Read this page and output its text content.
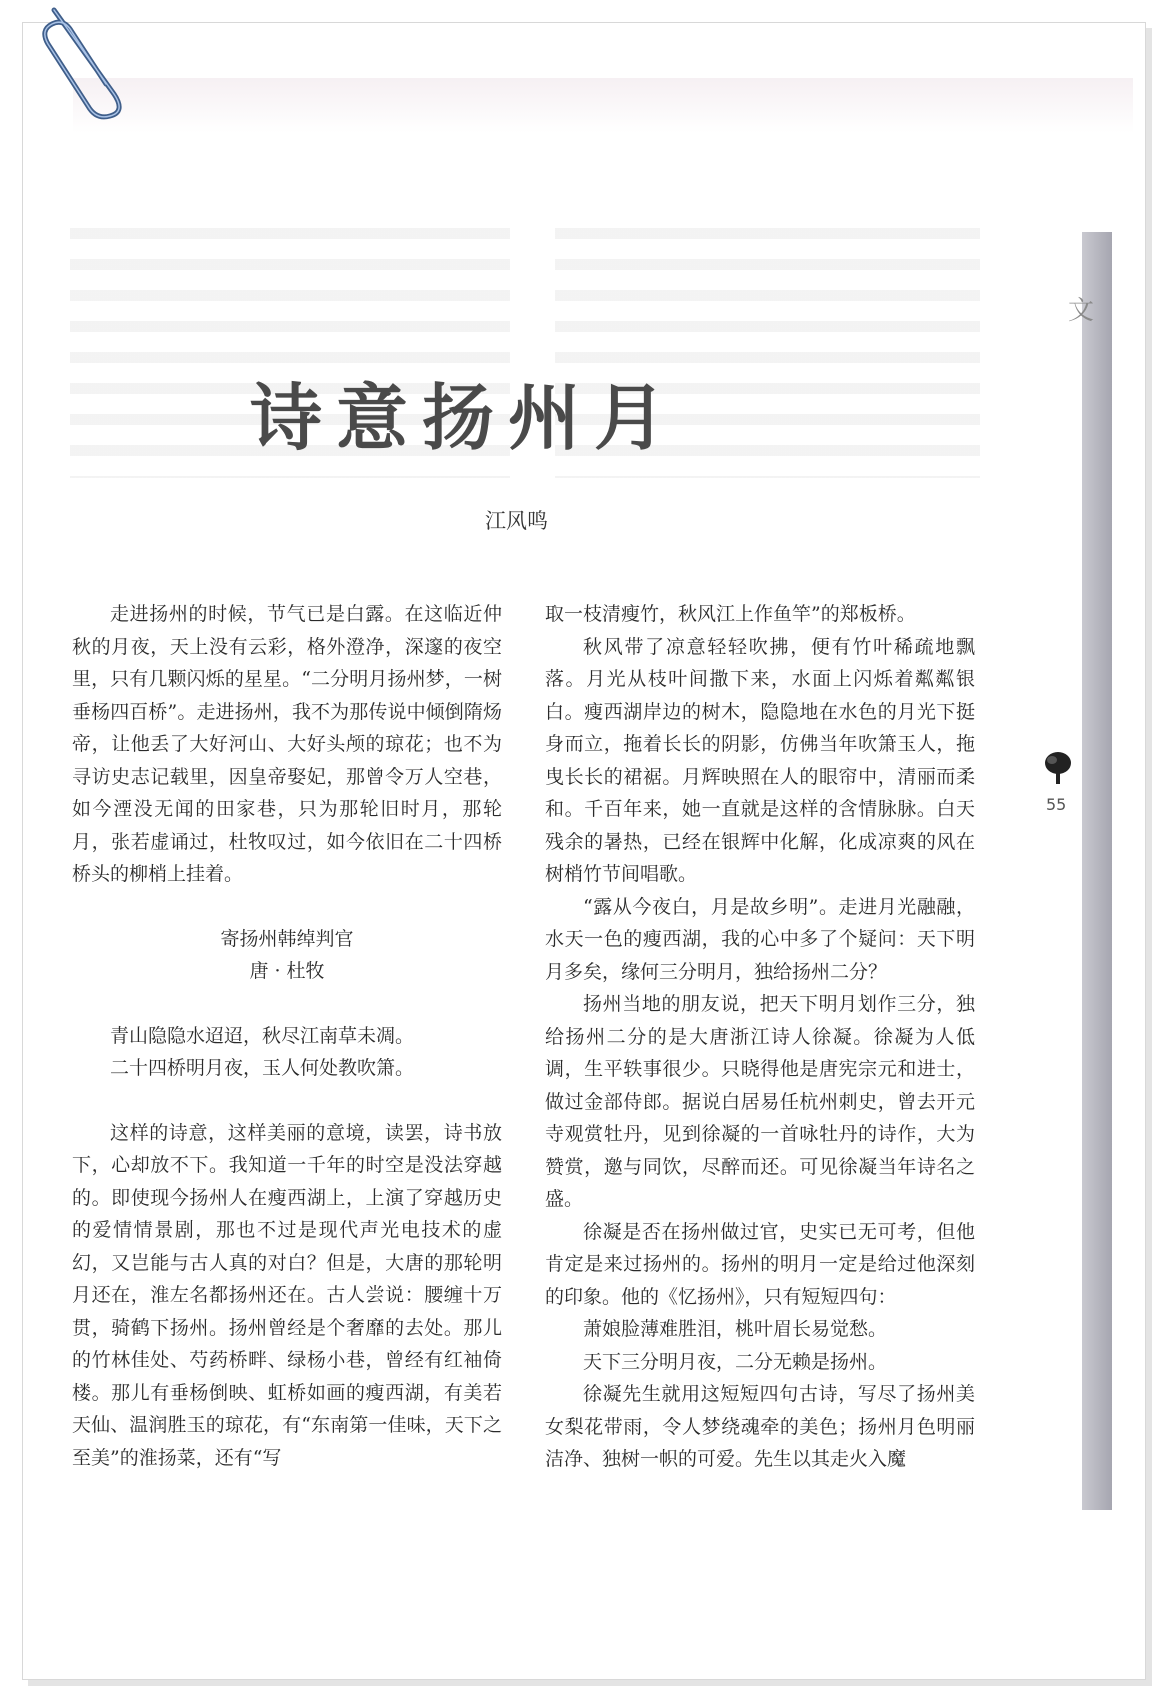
文
55
诗意扬州月
江风鸣

走进扬州的时候，节气已是白露。在这临近仲秋的月夜，天上没有云彩，格外澄净，深邃的夜空里，只有几颗闪烁的星星。“二分明月扬州梦，一树垂杨四百桥”。走进扬州，我不为那传说中倾倒隋炀帝，让他丢了大好河山、大好头颅的琼花；也不为寻访史志记载里，因皇帝娶妃，那曾令万人空巷，如今湮没无闻的田家巷，只为那轮旧时月，那轮月，张若虚诵过，杜牧叹过，如今依旧在二十四桥桥头的柳梢上挂着。

寄扬州韩绰判官

唐 · 杜牧

青山隐隐水迢迢，秋尽江南草未凋。

二十四桥明月夜，玉人何处教吹箫。

这样的诗意，这样美丽的意境，读罢，诗书放下，心却放不下。我知道一千年的时空是没法穿越的。即使现今扬州人在瘦西湖上，上演了穿越历史的爱情情景剧，那也不过是现代声光电技术的虚幻，又岂能与古人真的对白？但是，大唐的那轮明月还在，淮左名都扬州还在。古人尝说：腰缠十万贯，骑鹤下扬州。扬州曾经是个奢靡的去处。那儿的竹林佳处、芍药桥畔、绿杨小巷，曾经有红袖倚楼。那儿有垂杨倒映、虹桥如画的瘦西湖，有美若天仙、温润胜玉的琼花，有“东南第一佳味，天下之至美”的淮扬菜，还有“写

取一枝清瘦竹，秋风江上作鱼竿”的郑板桥。

秋风带了凉意轻轻吹拂，便有竹叶稀疏地飘落。月光从枝叶间撒下来，水面上闪烁着粼粼银白。瘦西湖岸边的树木，隐隐地在水色的月光下挺身而立，拖着长长的阴影，仿佛当年吹箫玉人，拖曳长长的裙裾。月辉映照在人的眼帘中，清丽而柔和。千百年来，她一直就是这样的含情脉脉。白天残余的暑热，已经在银辉中化解，化成凉爽的风在树梢竹节间唱歌。

“露从今夜白，月是故乡明”。走进月光融融，水天一色的瘦西湖，我的心中多了个疑问：天下明月多矣，缘何三分明月，独给扬州二分？

扬州当地的朋友说，把天下明月划作三分，独给扬州二分的是大唐浙江诗人徐凝。徐凝为人低调，生平轶事很少。只晓得他是唐宪宗元和进士，做过金部侍郎。据说白居易任杭州刺史，曾去开元寺观赏牡丹，见到徐凝的一首咏牡丹的诗作，大为赞赏，邀与同饮，尽醉而还。可见徐凝当年诗名之盛。

徐凝是否在扬州做过官，史实已无可考，但他肯定是来过扬州的。扬州的明月一定是给过他深刻的印象。他的《忆扬州》，只有短短四句：

萧娘脸薄难胜泪，桃叶眉长易觉愁。

天下三分明月夜，二分无赖是扬州。

徐凝先生就用这短短四句古诗，写尽了扬州美女梨花带雨，令人梦绕魂牵的美色；扬州月色明丽洁净、独树一帜的可爱。先生以其走火入魔
